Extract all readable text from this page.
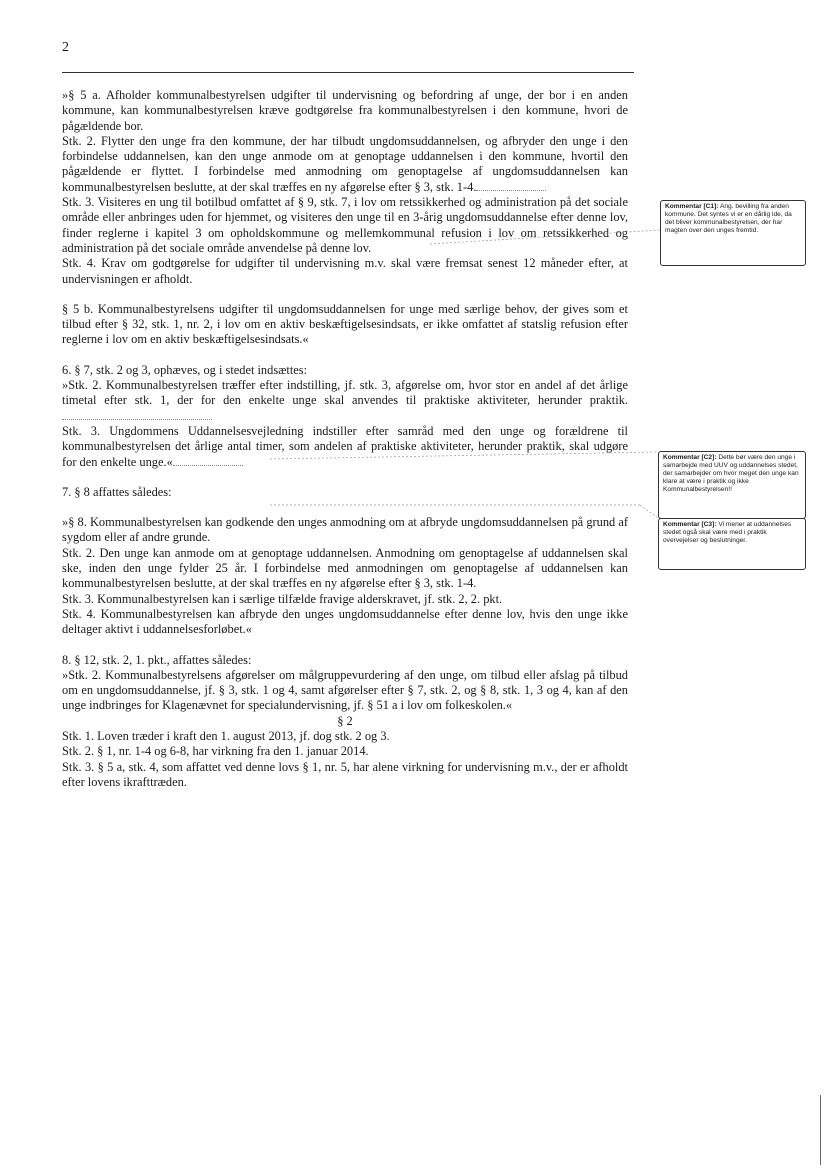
2

»§ 5 a. Afholder kommunalbestyrelsen udgifter til undervisning og befordring af unge, der bor i en anden kommune, kan kommunalbestyrelsen kræve godtgørelse fra kommunalbestyrelsen i den kommune, hvori de pågældende bor.

Stk. 2. Flytter den unge fra den kommune, der har tilbudt ungdomsuddannelsen, og afbryder den unge i den forbindelse uddannelsen, kan den unge anmode om at genoptage uddannelsen i den kommune, hvortil den pågældende er flyttet. I forbindelse med anmodning om genoptagelse af ungdomsuddannelsen kan kommunalbestyrelsen beslutte, at der skal træffes en ny afgørelse efter § 3, stk. 1-4.

Stk. 3. Visiteres en ung til botilbud omfattet af § 9, stk. 7, i lov om retssikkerhed og administration på det sociale område eller anbringes uden for hjemmet, og visiteres den unge til en 3-årig ungdomsuddannelse efter denne lov, finder reglerne i kapitel 3 om opholdskommune og mellemkommunal refusion i lov om retssikkerhed og administration på det sociale område anvendelse på denne lov.

Stk. 4. Krav om godtgørelse for udgifter til undervisning m.v. skal være fremsat senest 12 måneder efter, at undervisningen er afholdt.

§ 5 b. Kommunalbestyrelsens udgifter til ungdomsuddannelsen for unge med særlige behov, der gives som et tilbud efter § 32, stk. 1, nr. 2, i lov om en aktiv beskæftigelsesindsats, er ikke omfattet af statslig refusion efter reglerne i lov om en aktiv beskæftigelsesindsats.«

6. § 7, stk. 2 og 3, ophæves, og i stedet indsættes:

»Stk. 2. Kommunalbestyrelsen træffer efter indstilling, jf. stk. 3, afgørelse om, hvor stor en andel af det årlige timetal efter stk. 1, der for den enkelte unge skal anvendes til praktiske aktiviteter, herunder praktik.

Stk. 3. Ungdommens Uddannelsesvejledning indstiller efter samråd med den unge og forældrene til kommunalbestyrelsen det årlige antal timer, som andelen af praktiske aktiviteter, herunder praktik, skal udgøre for den enkelte unge.«

7. § 8 affattes således:

»§ 8. Kommunalbestyrelsen kan godkende den unges anmodning om at afbryde ungdomsuddannelsen på grund af sygdom eller af andre grunde.

Stk. 2. Den unge kan anmode om at genoptage uddannelsen. Anmodning om genoptagelse af uddannelsen skal ske, inden den unge fylder 25 år. I forbindelse med anmodningen om genoptagelse af uddannelsen kan kommunalbestyrelsen beslutte, at der skal træffes en ny afgørelse efter § 3, stk. 1-4.

Stk. 3. Kommunalbestyrelsen kan i særlige tilfælde fravige alderskravet, jf. stk. 2, 2. pkt.

Stk. 4. Kommunalbestyrelsen kan afbryde den unges ungdomsuddannelse efter denne lov, hvis den unge ikke deltager aktivt i uddannelsesforløbet.«

8. § 12, stk. 2, 1. pkt., affattes således:

»Stk. 2. Kommunalbestyrelsens afgørelser om målgruppevurdering af den unge, om tilbud eller afslag på tilbud om en ungdomsuddannelse, jf. § 3, stk. 1 og 4, samt afgørelser efter § 7, stk. 2, og § 8, stk. 1, 3 og 4, kan af den unge indbringes for Klagenævnet for specialundervisning, jf. § 51 a i lov om folkeskolen.«

§ 2

Stk. 1. Loven træder i kraft den 1. august 2013, jf. dog stk. 2 og 3.

Stk. 2. § 1, nr. 1-4 og 6-8, har virkning fra den 1. januar 2014.

Stk. 3. § 5 a, stk. 4, som affattet ved denne lovs § 1, nr. 5, har alene virkning for undervisning m.v., der er afholdt efter lovens ikrafttræden.

Kommentar [C1]: Ang. bevilling fra anden kommune. Det syntes vi er en dårlig ide, da det bliver kommunalbestyrelsen, der har magten over den unges fremtid.
Kommentar [C2]: Dette bør være den unge i samarbejde med UUV og uddannelses stedet, der samarbejder om hvor meget den unge kan klare at være i praktik og ikke Kommunalbestyrelsen!!
Kommentar [C3]: Vi mener at uddannelses stedet også skal være med i praktik overvejelser og beslutninger.
